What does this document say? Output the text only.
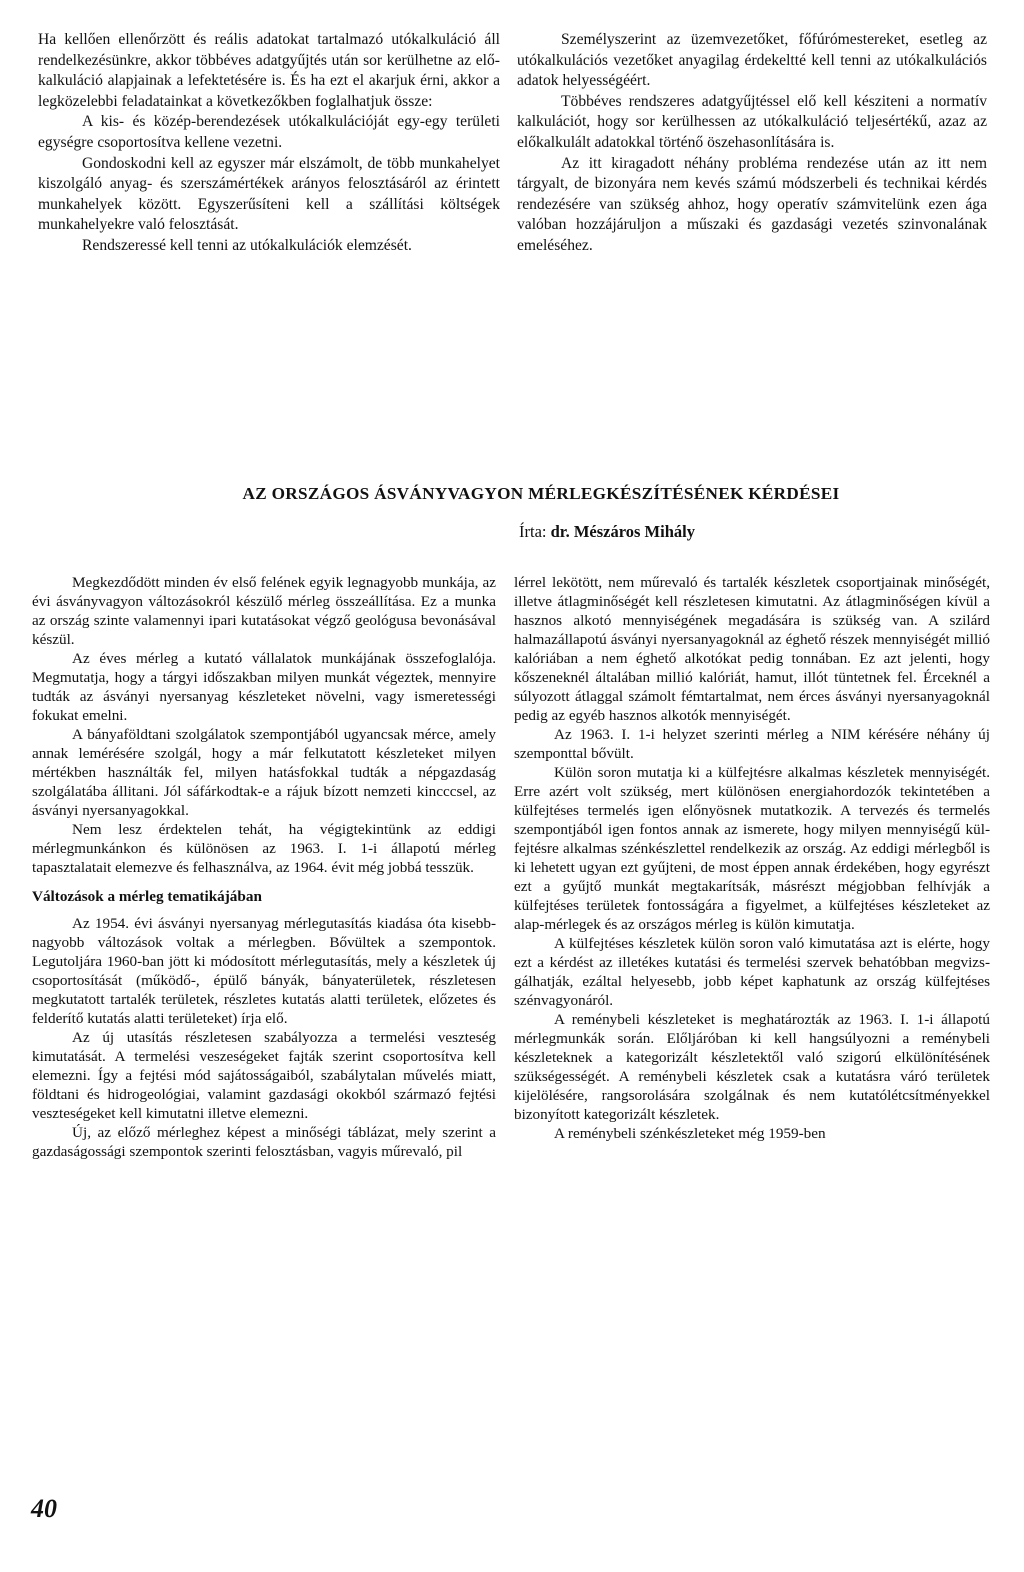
Ha kellően ellenőrzött és reális adatokat tartalmazó utókalkuláció áll rendelkezésünkre, akkor többéves adatgyűjtés után sor kerülhetne az előkalkuláció alapjainak a lefektetésére is. És ha ezt el akarjuk érni, akkor a legközelebbi feladatainkat a következőkben foglalhatjuk össze:

A kis- és közép-berendezések utókalkulációját egy-egy területi egységre csoportosítva kellene vezetni.

Gondoskodni kell az egyszer már elszámolt, de több munkahelyet kiszolgáló anyag- és szerszámértékek arányos felosztásáról az érintett munkahelyek között. Egyszerűsíteni kell a szállítási költségek munkahelyekre való felosztását.

Rendszeressé kell tenni az utókalkulációk elemzését.

Személyszerint az üzemvezetőket, főfúrómestereket, esetleg az utókalkulációs vezetőket anyagilag érdekeltté kell tenni az utókalkulációs adatok helyességéért.

Többéves rendszeres adatgyűjtéssel elő kell késziteni a normatív kalkulációt, hogy sor kerülhessen az utókalkuláció teljesértékű, azaz az előkalkulált adatokkal történő öszehasonlítására is.

Az itt kiragadott néhány probléma rendezése után az itt nem tárgyalt, de bizonyára nem kevés számú módszerbeli és technikai kérdés rendezésére van szükség ahhoz, hogy operatív számvitelünk ezen ága valóban hozzájáruljon a műszaki és gazdasági vezetés szinvonalának emeléséhez.

AZ ORSZÁGOS ÁSVÁNYVAGYON MÉRLEGKÉSZÍTÉSÉNEK KÉRDÉSEI
Írta: dr. Mészáros Mihály

Megkezdődött minden év első felének egyik legnagyobb munkája, az évi ásványvagyon változásokról készülő mérleg összeállítása. Ez a munka az ország szinte valamennyi ipari kutatásokat végző geológusa bevonásával készül.

Az éves mérleg a kutató vállalatok munkájának összefoglalója. Megmutatja, hogy a tárgyi időszakban milyen munkát végeztek, mennyire tudták az ásványi nyersanyag készleteket növelni, vagy ismeretességi fokukat emelni.

A bányaföldtani szolgálatok szempontjából ugyancsak mérce, amely annak lemérésére szolgál, hogy a már felkutatott készleteket milyen mértékben használták fel, milyen hatásfokkal tudták a népgazdaság szolgálatába állitani. Jól sáfárkodtak-e a rájuk bízott nemzeti kincccsel, az ásványi nyersanyagokkal.

Nem lesz érdektelen tehát, ha végigtekintünk az eddigi mérlegmunkánkon és különösen az 1963. I. 1-i állapotú mérleg tapasztalatait elemezve és felhasználva, az 1964. évit még jobbá tesszük.

Változások a mérleg tematikájában

Az 1954. évi ásványi nyersanyag mérlegutasítás kiadása óta kisebb-nagyobb változások voltak a mérlegben. Bővültek a szempontok. Legutoljára 1960-ban jött ki módosított mérlegutasítás, mely a készletek új csoportosítását (működő-, épülő bányák, bányaterületek, részletesen megkutatott tartalék területek, részletes kutatás alatti területek, előzetes és felderítő kutatás alatti területeket) írja elő.

Az új utasítás részletesen szabályozza a termelési veszteség kimutatását. A termelési veszeségeket fajták szerint csoportosítva kell elemezni. Így a fejtési mód sajátosságaiból, szabálytalan művelés miatt, földtani és hidrogeológiai, valamint gazdasági okokból származó fejtési veszteségeket kell kimutatni illetve elemezni.

Új, az előző mérleghez képest a minőségi táblázat, mely szerint a gazdaságossági szempontok szerinti felosztásban, vagyis műrevaló, pil

lérrel lekötött, nem műrevaló és tartalék készletek csoportjainak minőségét, illetve átlagminőségét kell részletesen kimutatni. Az átlagminőségen kívül a hasznos alkotó mennyiségének megadására is szükség van. A szilárd halmazállapotú ásványi nyersanyagoknál az éghető részek mennyiségét millió kalóriában a nem éghető alkotókat pedig tonnában. Ez azt jelenti, hogy kőszeneknél általában millió kalóriát, hamut, illót tüntetnek fel. Érceknél a súlyozott átlaggal számolt fémtartalmat, nem érces ásványi nyersanyagoknál pedig az egyéb hasznos alkotók mennyiségét.

Az 1963. I. 1-i helyzet szerinti mérleg a NIM kérésére néhány új szemponttal bővült.

Külön soron mutatja ki a külfejtésre alkalmas készletek mennyiségét. Erre azért volt szükség, mert különösen energiahordozók tekintetében a külfejtéses termelés igen előnyösnek mutatkozik. A tervezés és termelés szempontjából igen fontos annak az ismerete, hogy milyen mennyiségű külfejtésre alkalmas szénkészlettel rendelkezik az ország. Az eddigi mérlegből is ki lehetett ugyan ezt gyűjteni, de most éppen annak érdekében, hogy egyrészt ezt a gyűjtő munkát megtakarítsák, másrészt mégjobban felhívják a külfejtéses területek fontosságára a figyelmet, a külfejtéses készleteket az alap-mérlegek és az országos mérleg is külön kimutatja.

A külfejtéses készletek külön soron való kimutatása azt is elérte, hogy ezt a kérdést az illetékes kutatási és termelési szervek behatóbban megvizsgálhatják, ezáltal helyesebb, jobb képet kaphatunk az ország külfejtéses szénvagyonáról.

A reménybeli készleteket is meghatározták az 1963. I. 1-i állapotú mérlegmunkák során. Előljáróban ki kell hangsúlyozni a reménybeli készleteknek a kategorizált készletektől való szigorú elkülönítésének szükségességét. A reménybeli készletek csak a kutatásra váró területek kijelölésére, rangsorolására szolgálnak és nem kutatólétcsítményekkel bizonyított kategorizált készletek.

A reménybeli szénkészleteket még 1959-ben

40
